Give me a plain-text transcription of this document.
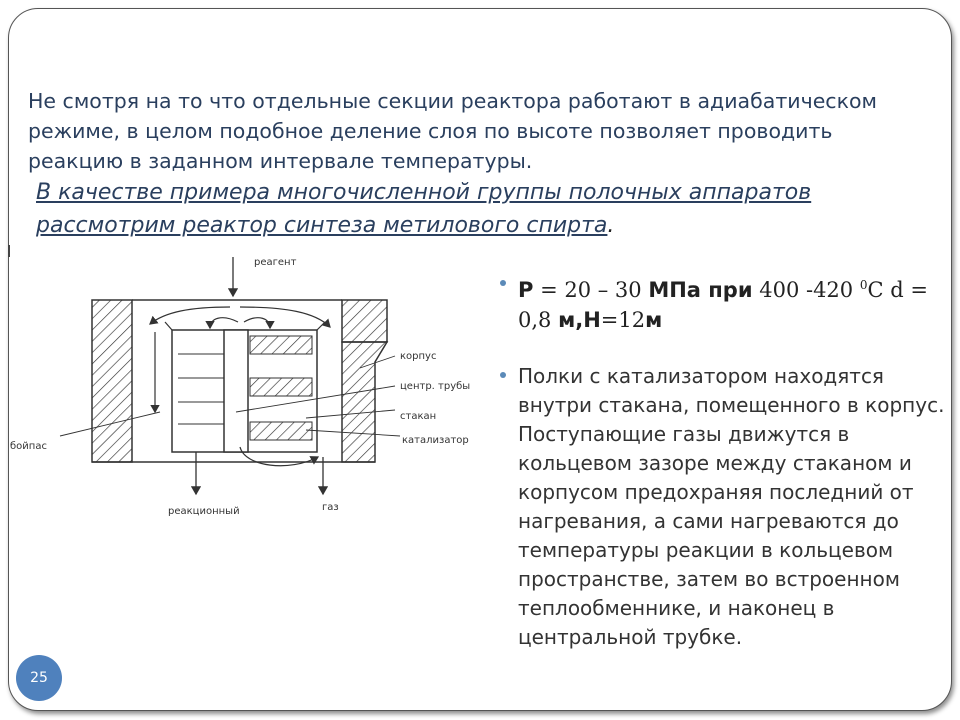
Не смотря на то что отдельные секции реактора работают в адиабатическом режиме, в целом подобное деление слоя по высоте позволяет проводить реакцию в заданном интервале температуры.

В качестве примера многочисленной группы полочных аппаратов рассмотрим реактор синтеза метилового спирта.

реагент
корпус
центр. трубы
стакан
катализатор
бойпас
реакционный	газ
Р = 20 – 30 МПа при 400 -420 $^0$С d = 0,8 м,Н=12м
Полки с катализатором находятся внутри стакана, помещенного в корпус. Поступающие газы движутся в кольцевом зазоре между стаканом и корпусом предохраняя последний от нагревания, а сами нагреваются до температуры реакции в кольцевом пространстве, затем во встроенном теплообменнике, и наконец в центральной трубке.
25
